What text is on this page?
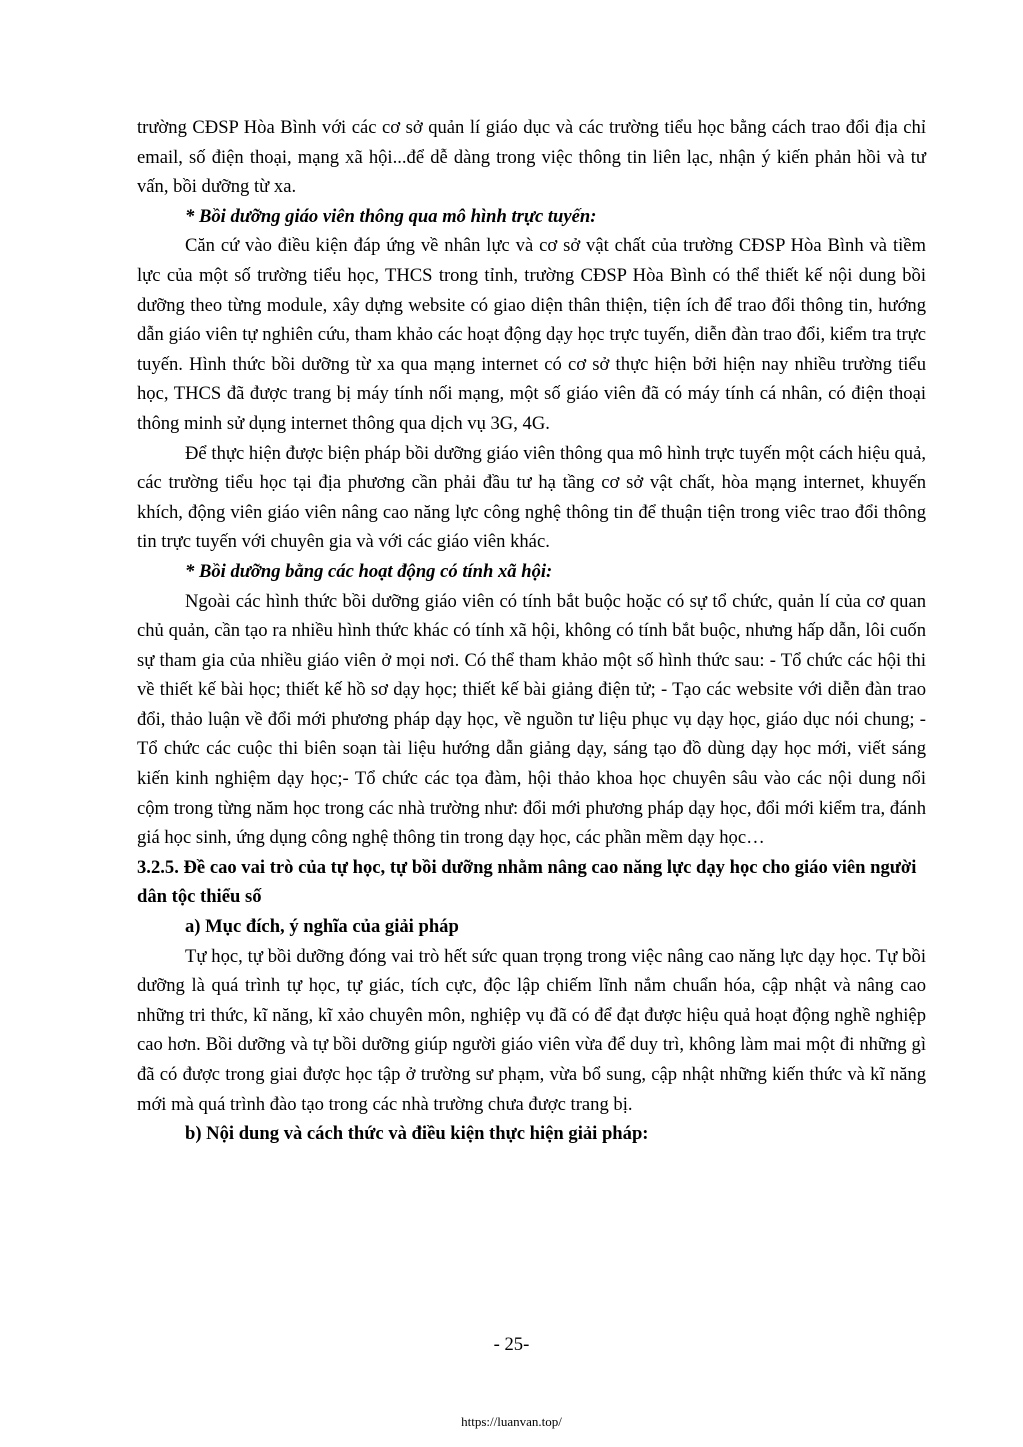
trường CĐSP Hòa Bình với các cơ sở quản lí giáo dục và các trường tiểu học bằng cách trao đổi địa chỉ email, số điện thoại, mạng xã hội...để dễ dàng trong việc thông tin liên lạc, nhận ý kiến phản hồi và tư vấn, bồi dưỡng từ xa.

* Bồi dưỡng giáo viên thông qua mô hình trực tuyến:

Căn cứ vào điều kiện đáp ứng về nhân lực và cơ sở vật chất của trường CĐSP Hòa Bình và tiềm lực của một số trường tiểu học, THCS trong tỉnh, trường CĐSP Hòa Bình có thể thiết kế nội dung bồi dưỡng theo từng module, xây dựng website có giao diện thân thiện, tiện ích để trao đổi thông tin, hướng dẫn giáo viên tự nghiên cứu, tham khảo các hoạt động dạy học trực tuyến, diễn đàn trao đổi, kiểm tra trực tuyến. Hình thức bồi dưỡng từ xa qua mạng internet có cơ sở thực hiện bởi hiện nay nhiều trường tiểu học, THCS đã được trang bị máy tính nối mạng, một số giáo viên đã có máy tính cá nhân, có điện thoại thông minh sử dụng internet thông qua dịch vụ 3G, 4G.

Để thực hiện được biện pháp bồi dưỡng giáo viên thông qua mô hình trực tuyến một cách hiệu quả, các trường tiểu học tại địa phương cần phải đầu tư hạ tầng cơ sở vật chất, hòa mạng internet, khuyến khích, động viên giáo viên nâng cao năng lực công nghệ thông tin để thuận tiện trong viêc trao đổi thông tin trực tuyến với chuyên gia và với các giáo viên khác.

* Bồi dưỡng bằng các hoạt động có tính xã hội:

Ngoài các hình thức bồi dưỡng giáo viên có tính bắt buộc hoặc có sự tổ chức, quản lí của cơ quan chủ quản, cần tạo ra nhiều hình thức khác có tính xã hội, không có tính bắt buộc, nhưng hấp dẫn, lôi cuốn sự tham gia của nhiều giáo viên ở mọi nơi. Có thể tham khảo một số hình thức sau: - Tổ chức các hội thi về thiết kế bài học; thiết kế hồ sơ dạy học; thiết kế bài giảng điện tử; - Tạo các website với diễn đàn trao đổi, thảo luận về đổi mới phương pháp dạy học, về nguồn tư liệu phục vụ dạy học, giáo dục nói chung; - Tổ chức các cuộc thi biên soạn tài liệu hướng dẫn giảng dạy, sáng tạo đồ dùng dạy học mới, viết sáng kiến kinh nghiệm dạy học;- Tổ chức các tọa đàm, hội thảo khoa học chuyên sâu vào các nội dung nổi cộm trong từng năm học trong các nhà trường như: đổi mới phương pháp dạy học, đổi mới kiểm tra, đánh giá học sinh, ứng dụng công nghệ thông tin trong dạy học, các phần mềm dạy học…

3.2.5. Đề cao vai trò của tự học, tự bồi dưỡng nhằm nâng cao năng lực dạy học cho giáo viên người dân tộc thiểu số

a) Mục đích, ý nghĩa của giải pháp

Tự học, tự bồi dưỡng đóng vai trò hết sức quan trọng trong việc nâng cao năng lực dạy học. Tự bồi dưỡng là quá trình tự học, tự giác, tích cực, độc lập chiếm lĩnh nắm chuẩn hóa, cập nhật và nâng cao những tri thức, kĩ năng, kĩ xảo chuyên môn, nghiệp vụ đã có để đạt được hiệu quả hoạt động nghề nghiệp cao hơn. Bồi dưỡng và tự bồi dưỡng giúp người giáo viên vừa để duy trì, không làm mai một đi những gì đã có được trong giai được học tập ở trường sư phạm, vừa bổ sung, cập nhật những kiến thức và kĩ năng mới mà quá trình đào tạo trong các nhà trường chưa được trang bị.

b) Nội dung và cách thức và điều kiện thực hiện giải pháp:

- 25-
https://luanvan.top/
